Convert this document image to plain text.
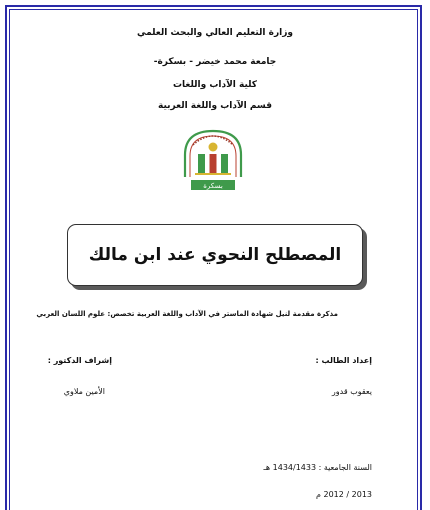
وزارة التعليم العالي والبحث العلمي
جامعة محمد خيضر - بسكرة-
كلية الآداب واللغات
قسم الآداب واللغة العربية
بسكرة
المصطلح النحوي عند ابن مالك
مذكرة مقدمة لنيل شهادة الماستر في الآداب واللغة العربية تخصص: علوم اللسان العربي
إعداد الطالب :
إشراف الدكتور :
يعقوب قدور
الأمين ملاوي
السنة الجامعية : 1434/1433 هـ
2013 / 2012 م
